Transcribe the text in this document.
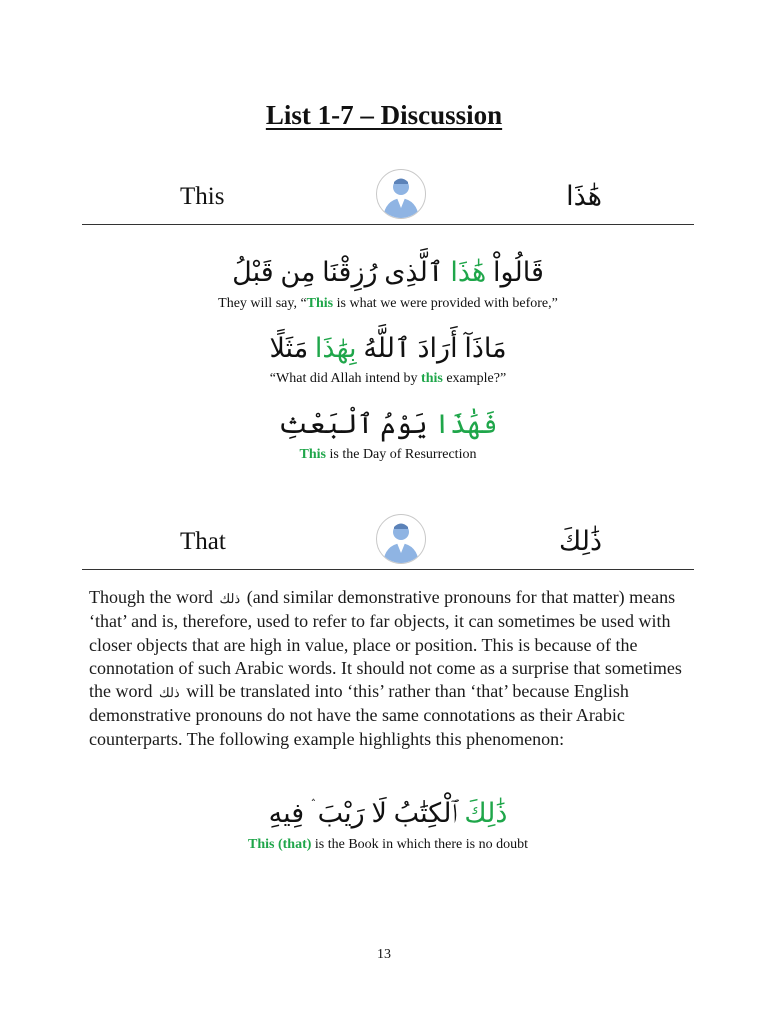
List 1-7 – Discussion
This	هَٰذَا
قَالُواْ هَٰذَا ٱلَّذِى رُزِقْنَا مِن قَبْلُ
They will say, “This is what we were provided with before,”
مَاذَآ أَرَادَ ٱللَّهُ بِهَٰذَا مَثَلًا
“What did Allah intend by this example?”
فَهَٰذَا يَوْمُ ٱلْبَعْثِ
This is the Day of Resurrection
That	ذَٰلِكَ
Though the word ذلك (and similar demonstrative pronouns for that matter) means ‘that’ and is, therefore, used to refer to far objects, it can sometimes be used with closer objects that are high in value, place or position. This is because of the connotation of such Arabic words. It should not come as a surprise that sometimes the word ذلك will be translated into ‘this’ rather than ‘that’ because English demonstrative pronouns do not have the same connotations as their Arabic counterparts. The following example highlights this phenomenon:
ذَٰلِكَ ٱلْكِتَٰبُ لَا رَيْبَ ۛ فِيهِ
This (that) is the Book in which there is no doubt
13
